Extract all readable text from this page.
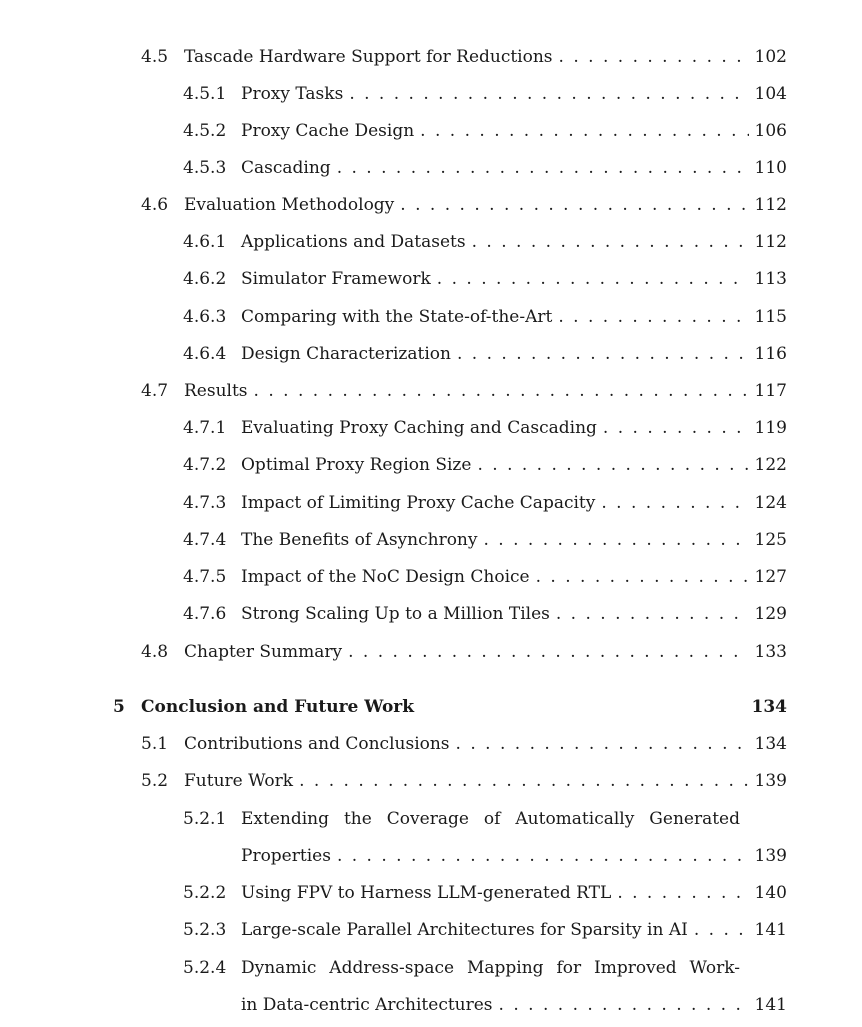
4.5 Tascade Hardware Support for Reductions . . .	102
4.5.1 Proxy Tasks . . .	104
4.5.2 Proxy Cache Design . . .	106
4.5.3 Cascading . . .	110
4.6 Evaluation Methodology . . .	112
4.6.1 Applications and Datasets . . .	112
4.6.2 Simulator Framework . . .	113
4.6.3 Comparing with the State-of-the-Art . . .	115
4.6.4 Design Characterization . . .	116
4.7 Results . . .	117
4.7.1 Evaluating Proxy Caching and Cascading . . .	119
4.7.2 Optimal Proxy Region Size . . .	122
4.7.3 Impact of Limiting Proxy Cache Capacity . . .	124
4.7.4 The Benefits of Asynchrony . . .	125
4.7.5 Impact of the NoC Design Choice . . .	127
4.7.6 Strong Scaling Up to a Million Tiles . . .	129
4.8 Chapter Summary . . .	133
5 Conclusion and Future Work	134
5.1 Contributions and Conclusions . . .	134
5.2 Future Work . . .	139
5.2.1 Extending the Coverage of Automatically Generated
Properties . . .	139
5.2.2 Using FPV to Harness LLM-generated RTL . . .	140
5.2.3 Large-scale Parallel Architectures for Sparsity in AI . . .	141
5.2.4 Dynamic Address-space Mapping for Improved Work-
in Data-centric Architectures . . .	141
